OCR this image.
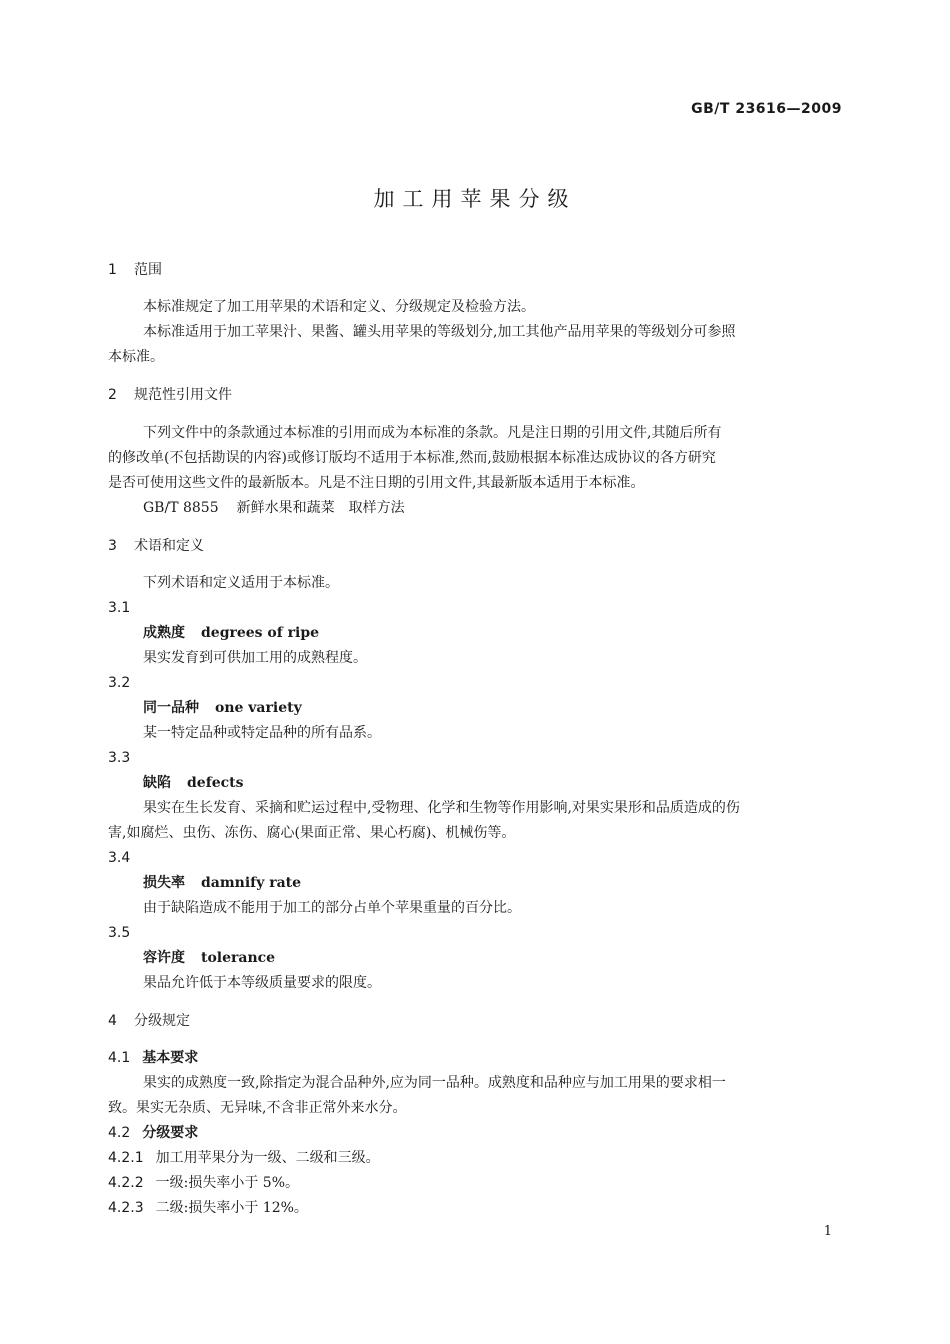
GB/T 23616—2009
加工用苹果分级
1 范围
本标准规定了加工用苹果的术语和定义、分级规定及检验方法。
本标准适用于加工苹果汁、果酱、罐头用苹果的等级划分,加工其他产品用苹果的等级划分可参照
本标准。
2 规范性引用文件
下列文件中的条款通过本标准的引用而成为本标准的条款。凡是注日期的引用文件,其随后所有
的修改单(不包括勘误的内容)或修订版均不适用于本标准,然而,鼓励根据本标准达成协议的各方研究
是否可使用这些文件的最新版本。凡是不注日期的引用文件,其最新版本适用于本标准。
GB/T 8855 新鲜水果和蔬菜　取样方法
3 术语和定义
下列术语和定义适用于本标准。
3.1
成熟度 degrees of ripe
果实发育到可供加工用的成熟程度。
3.2
同一品种 one variety
某一特定品种或特定品种的所有品系。
3.3
缺陷 defects
果实在生长发育、采摘和贮运过程中,受物理、化学和生物等作用影响,对果实果形和品质造成的伤
害,如腐烂、虫伤、冻伤、腐心(果面正常、果心朽腐)、机械伤等。
3.4
损失率 damnify rate
由于缺陷造成不能用于加工的部分占单个苹果重量的百分比。
3.5
容许度 tolerance
果品允许低于本等级质量要求的限度。
4 分级规定
4.1 基本要求
果实的成熟度一致,除指定为混合品种外,应为同一品种。成熟度和品种应与加工用果的要求相一
致。果实无杂质、无异味,不含非正常外来水分。
4.2 分级要求
4.2.1 加工用苹果分为一级、二级和三级。
4.2.2 一级:损失率小于 5%。
4.2.3 二级:损失率小于 12%。
1
